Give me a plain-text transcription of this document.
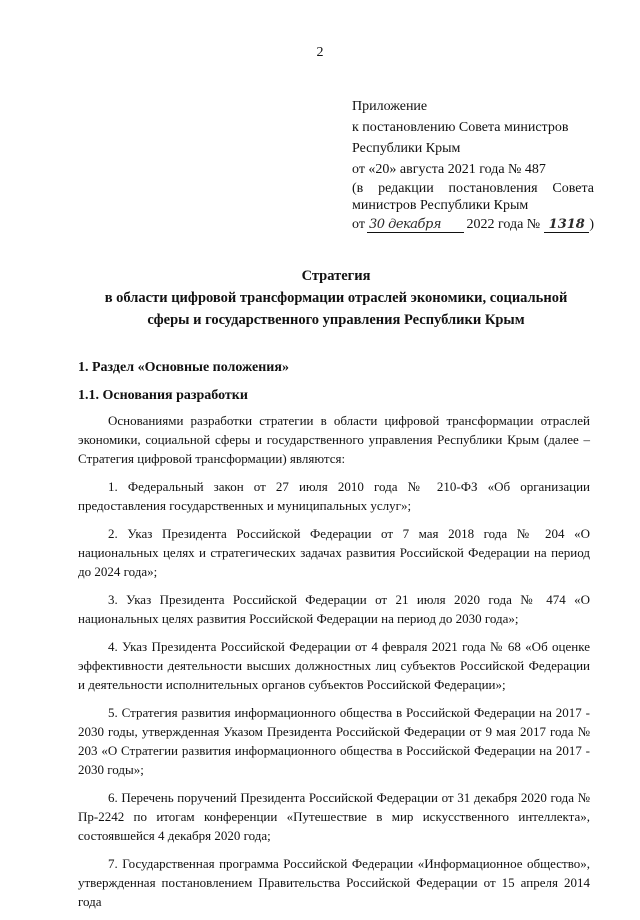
2
Приложение
к постановлению Совета министров
Республики Крым
от «20» августа 2021 года № 487
(в редакции постановления Совета министров Республики Крым
от 30 декабря	2022 года № 1318 )
Стратегия
в области цифровой трансформации отраслей экономики, социальной
сферы и государственного управления Республики Крым
1. Раздел «Основные положения»
1.1. Основания разработки

Основаниями разработки стратегии в области цифровой трансформации отраслей экономики, социальной сферы и государственного управления Республики Крым (далее – Стратегия цифровой трансформации) являются:

1. Федеральный закон от 27 июля 2010 года № 210-ФЗ «Об организации предоставления государственных и муниципальных услуг»;

2. Указ Президента Российской Федерации от 7 мая 2018 года № 204 «О национальных целях и стратегических задачах развития Российской Федерации на период до 2024 года»;

3. Указ Президента Российской Федерации от 21 июля 2020 года № 474 «О национальных целях развития Российской Федерации на период до 2030 года»;

4. Указ Президента Российской Федерации от 4 февраля 2021 года № 68 «Об оценке эффективности деятельности высших должностных лиц субъектов Российской Федерации и деятельности исполнительных органов субъектов Российской Федерации»;

5. Стратегия развития информационного общества в Российской Федерации на 2017 - 2030 годы, утвержденная Указом Президента Российской Федерации от 9 мая 2017 года № 203 «О Стратегии развития информационного общества в Российской Федерации на 2017 - 2030 годы»;

6. Перечень поручений Президента Российской Федерации от 31 декабря 2020 года № Пр-2242 по итогам конференции «Путешествие в мир искусственного интеллекта», состоявшейся 4 декабря 2020 года;

7. Государственная программа Российской Федерации «Информационное общество», утвержденная постановлением Правительства Российской Федерации от 15 апреля 2014 года
